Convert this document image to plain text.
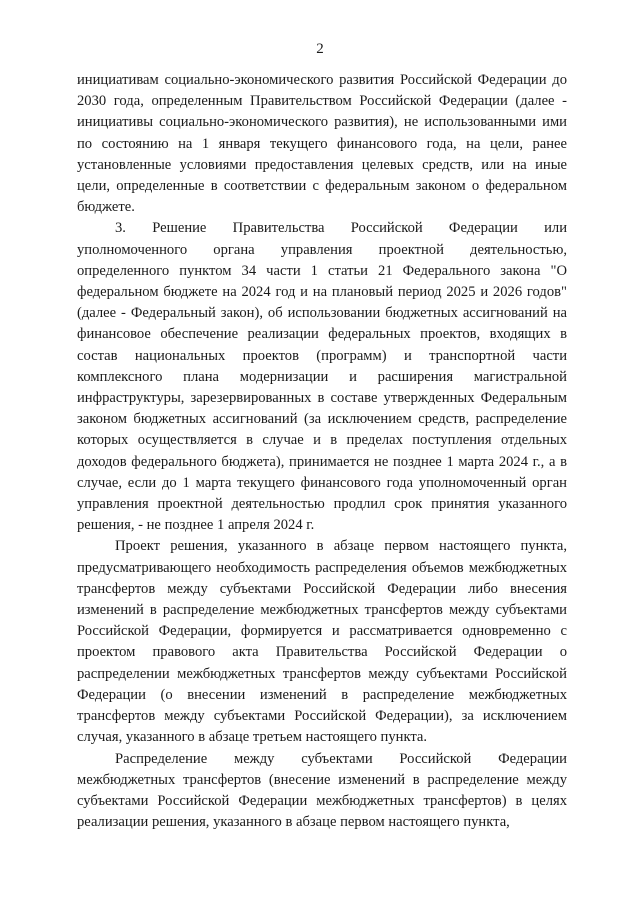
2

инициативам социально-экономического развития Российской Федерации до 2030 года, определенным Правительством Российской Федерации (далее - инициативы социально-экономического развития), не использованными ими по состоянию на 1 января текущего финансового года, на цели, ранее установленные условиями предоставления целевых средств, или на иные цели, определенные в соответствии с федеральным законом о федеральном бюджете.

3. Решение Правительства Российской Федерации или уполномоченного органа управления проектной деятельностью, определенного пунктом 34 части 1 статьи 21 Федерального закона "О федеральном бюджете на 2024 год и на плановый период 2025 и 2026 годов" (далее - Федеральный закон), об использовании бюджетных ассигнований на финансовое обеспечение реализации федеральных проектов, входящих в состав национальных проектов (программ) и транспортной части комплексного плана модернизации и расширения магистральной инфраструктуры, зарезервированных в составе утвержденных Федеральным законом бюджетных ассигнований (за исключением средств, распределение которых осуществляется в случае и в пределах поступления отдельных доходов федерального бюджета), принимается не позднее 1 марта 2024 г., а в случае, если до 1 марта текущего финансового года уполномоченный орган управления проектной деятельностью продлил срок принятия указанного решения, - не позднее 1 апреля 2024 г.

Проект решения, указанного в абзаце первом настоящего пункта, предусматривающего необходимость распределения объемов межбюджетных трансфертов между субъектами Российской Федерации либо внесения изменений в распределение межбюджетных трансфертов между субъектами Российской Федерации, формируется и рассматривается одновременно с проектом правового акта Правительства Российской Федерации о распределении межбюджетных трансфертов между субъектами Российской Федерации (о внесении изменений в распределение межбюджетных трансфертов между субъектами Российской Федерации), за исключением случая, указанного в абзаце третьем настоящего пункта.

Распределение между субъектами Российской Федерации межбюджетных трансфертов (внесение изменений в распределение между субъектами Российской Федерации межбюджетных трансфертов) в целях реализации решения, указанного в абзаце первом настоящего пункта,
